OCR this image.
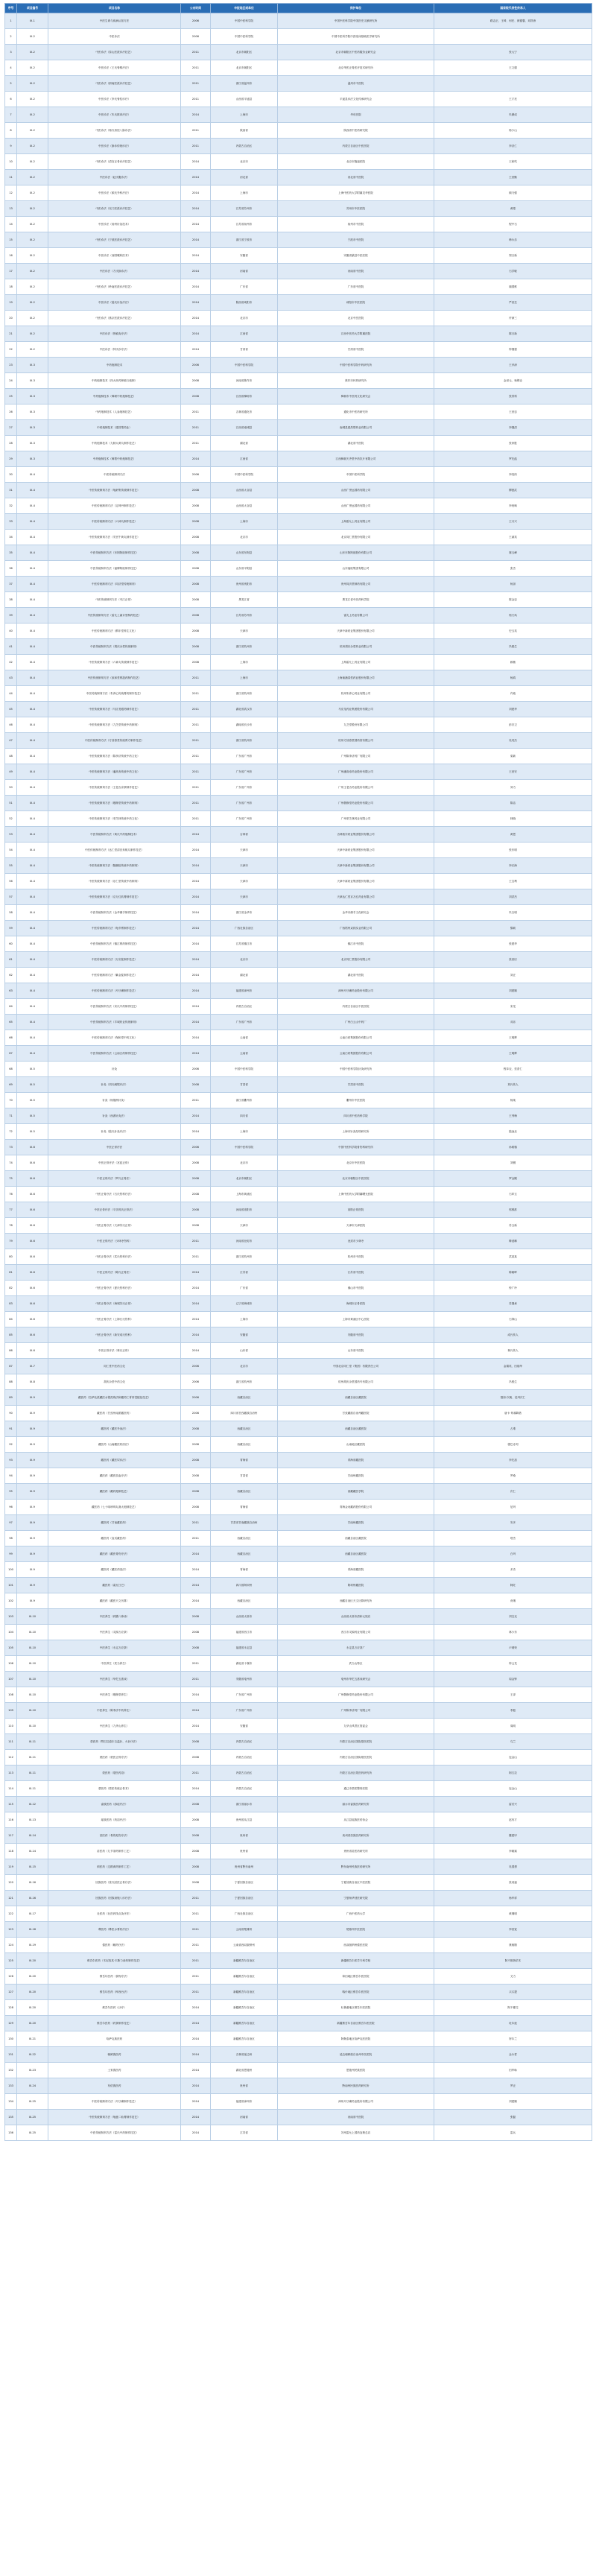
序号	项目编号	项目名称	公布时间	申报地区或单位	保护单位	国家级代表性传承人
1	Ⅸ-1	中医生命与疾病认知方法	2006	中国中医科学院	中国中医科学院中国医史文献研究所	路志正、王琦、何任、颜德馨、邓铁涛
2	Ⅸ-2	中医诊法	2006	中国中医科学院	中国中医科学院中医临床基础医学研究所	
3	Ⅸ-2	中医诊法（泰山医派诊疗技艺）	2011	北京市朝阳区	北京市朝阳区中医药服务业研究会	张大宁
4	Ⅸ-2	中医诊法（王氏脊椎疗法）	2011	北京市朝阳区	北京华医正骨医疗技术研究所	王文德
5	Ⅸ-2	中医诊法（浙南医派诊疗技艺）	2011	浙江省温州市	温州市中医院	
6	Ⅸ-2	中医诊法（李氏脊柱诊疗）	2011	山西省平遥县	平遥县诊法文化传承研究会	王才亮
7	Ⅸ-2	中医诊法（朱氏推拿疗法）	2014	上海市	华东医院	朱鼎成
8	Ⅸ-2	中医诊法（杨氏奇经八脉诊法）	2011	陕西省	陕西省中医药研究院	杨少山
9	Ⅸ-2	中医诊法（脉诊传统诊法）	2011	内蒙古自治区	内蒙古自治区中医医院	李济仁
10	Ⅸ-2	中医诊法（清宫正骨诊疗技艺）	2014	北京市	北京市隆福医院	王和鸣
11	Ⅸ-2	中医诊法（赵氏腹诊法）	2014	河北省	河北省中医院	王世勤
12	Ⅸ-2	中医诊法（顾氏外科疗法）	2014	上海市	上海中医药大学附属龙华医院	顾乃强
13	Ⅸ-2	中医诊法（吴门医派诊疗技艺）	2014	江苏省苏州市	苏州市中医医院	黄煌
14	Ⅸ-2	中医诊法（扬州针灸技术）	2014	江苏省扬州市	扬州市中医院	程中石
15	Ⅸ-2	中医诊法（宁波医派诊疗技艺）	2014	浙江省宁波市	宁波市中医院	韩永乐
16	Ⅸ-2	中医诊法（西园喉科医术）	2014	安徽省	安徽省歙县中医医院	郑日新
17	Ⅸ-2	中医诊法（方氏脉诊法）	2014	河南省	河南省中医院	石学敏
18	Ⅸ-2	中医诊法（岭南医派诊疗技艺）	2014	广东省	广东省中医院	禤国维
19	Ⅸ-2	中医诊法（陆氏针灸疗法）	2014	陕西省咸阳市	咸阳市中医医院	严世芸
20	Ⅸ-2	中医诊法（燕京医派诊疗技艺）	2014	北京市	北京中医医院	许润三
21	Ⅸ-2	中医诊法（热敏灸疗法）	2014	江西省	江西中医药大学附属医院	陈日新
22	Ⅸ-2	中医诊法（钟氏诊疗法）	2014	甘肃省	甘肃省中医院	钟继强
23	Ⅸ-3	中药炮制技术	2006	中国中医科学院	中国中医科学院中药研究所	王孝涛
24	Ⅸ-3	中药炮制技术（四大怀药种植与炮制）	2008	河南省焦作市	焦作市怀药研究所	金世元、杨锡仓
25	Ⅸ-3	中药炮制技术（樟树中药炮制技艺）	2008	江西省樟树市	樟树市中医药文化研究会	张效科
26	Ⅸ-3	中药炮制技术（人参炮制技艺）	2011	吉林省通化市	通化市中医药研究所	王世忠
27	Ⅸ-3	中药炮制技术（建昌帮药业）	2011	江西省南城县	南城县建昌帮药业有限公司	李继清
28	Ⅸ-3	中药炮制技术（九制大黄丸制作技艺）	2011	湖北省	湖北省中医院	张家胜
29	Ⅸ-3	中药炮制技术（樟帮中药炮制技艺）	2014	江西省	江西樟树天齐堂中药饮片有限公司	罗先彪
30	Ⅸ-4	中医传统制剂方法	2006	中国中医科学院	中国中医科学院	李经纬
31	Ⅸ-4	中医传统制剂方法（龟龄集传统制作技艺）	2008	山西省太谷县	山西广誉远国药有限公司	柳惠武
32	Ⅸ-4	中医传统制剂方法（定坤丹制作技艺）	2008	山西省太谷县	山西广誉远国药有限公司	李贵枫
33	Ⅸ-4	中医传统制剂方法（六神丸制作技艺）	2008	上海市	上海雷允上药业有限公司	王月兴
34	Ⅸ-4	中医传统制剂方法（安宫牛黄丸制作技艺）	2008	北京市	北京同仁堂股份有限公司	王淑英
35	Ⅸ-4	中医传统制剂方法（东阿阿胶制作技艺）	2008	山东省东阿县	山东东阿阿胶股份有限公司	秦玉峰
36	Ⅸ-4	中医传统制剂方法（福牌阿胶制作技艺）	2008	山东省平阴县	山东福胶集团有限公司	张杰
37	Ⅸ-4	中医传统制剂方法（同济堂传统制剂）	2008	贵州省贵阳市	贵州同济堂制药有限公司	杨剑
38	Ⅸ-4	中医传统制剂方法（夹江正骨）	2008	黑龙江省	黑龙江省中医药科学院	陈金忠
39	Ⅸ-4	中医传统制剂方法（雷允上诵芬堂制药技艺）	2008	江苏省苏州市	雷允上药业有限公司	郭天凤
40	Ⅸ-4	中医传统制剂方法（鹤年堂养生文化）	2008	天津市	天津中新药业集团股份有限公司	史玉英
41	Ⅸ-4	中医传统制剂方法（胡庆余堂传统制剂）	2008	浙江省杭州市	杭州胡庆余堂药业有限公司	冯根生
42	Ⅸ-4	中医传统制剂方法（六神丸传统制作技艺）	2008	上海市	上海雷允上药业有限公司	顾敏
43	Ⅸ-4	中医传统制剂方法（致和堂膏滋药制作技艺）	2011	上海市	上海童涵春堂药业股份有限公司	杨鸿
44	Ⅸ-4	中医传统制剂方法（朱养心传统膏药制作技艺）	2011	浙江省杭州市	杭州朱养心药业有限公司	许迪
45	Ⅸ-4	中医传统制剂方法（马应龙眼药制作技艺）	2011	湖北省武汉市	马应龙药业集团股份有限公司	刘建华
46	Ⅸ-4	中医传统制剂方法（九芝堂传统中药制剂）	2011	湖南省长沙市	九芝堂股份有限公司	彭宗卫
47	Ⅸ-4	中医传统制剂方法（方回春堂传统膏方制作技艺）	2011	浙江省杭州市	杭州方回春堂国药馆有限公司	吴英杰
48	Ⅸ-4	中医传统制剂方法（陈李济传统中药文化）	2011	广东省广州市	广州陈李济药厂有限公司	梁新
49	Ⅸ-4	中医传统制剂方法（潘高寿传统中药文化）	2011	广东省广州市	广州潘高寿药业股份有限公司	王世安
50	Ⅸ-4	中医传统制剂方法（王老吉凉茶制作技艺）	2011	广东省广州市	广州王老吉药业股份有限公司	刘力
51	Ⅸ-4	中医传统制剂方法（敬修堂传统中药制剂）	2011	广东省广州市	广州敬修堂药业股份有限公司	陈洁
52	Ⅸ-4	中医传统制剂方法（采芝林传统中药文化）	2011	广东省广州市	广州采芝林药业有限公司	林晓
53	Ⅸ-4	中医传统制剂方法（黄氏中药炮制技术）	2014	吉林省	吉林敖东药业集团股份有限公司	黄恩
54	Ⅸ-4	中医传统制剂方法（达仁堂清宫寿桃丸制作技艺）	2014	天津市	天津中新药业集团股份有限公司	张东明
55	Ⅸ-4	中医传统制剂方法（隆顺榕传统中药制剂）	2014	天津市	天津中新药业集团股份有限公司	李长海
56	Ⅸ-4	中医传统制剂方法（乐仁堂传统中药制剂）	2014	天津市	天津中新药业集团股份有限公司	王宝利
57	Ⅸ-4	中医传统制剂方法（京万红软膏制作技艺）	2014	天津市	天津达仁堂京万红药业有限公司	刘洪杰
58	Ⅸ-4	中医传统制剂方法（金华佛手制作技艺）	2014	浙江省金华市	金华市佛手文化研究会	朱吉明
59	Ⅸ-4	中医传统制剂方法（龟苓膏制作技艺）	2014	广西壮族自治区	广西梧州双钱实业有限公司	黎莉
60	Ⅸ-4	中医传统制剂方法（镇江膏药制作技艺）	2014	江苏省镇江市	镇江市中医院	张建华
61	Ⅸ-4	中医传统制剂方法（万应锭制作技艺）	2014	北京市	北京同仁堂股份有限公司	张世臣
62	Ⅸ-4	中医传统制剂方法（紫金锭制作技艺）	2014	湖北省	湖北省中医院	刘正
63	Ⅸ-4	中医传统制剂方法（片仔癀制作技艺）	2014	福建省漳州市	漳州片仔癀药业股份有限公司	刘建顺
64	Ⅸ-4	中医传统制剂方法（宋氏中药制作技艺）	2014	内蒙古自治区	内蒙古自治区中医医院	宋龙
65	Ⅸ-4	中医传统制剂方法（羊城药业传统制剂）	2014	广东省广州市	广州白云山中药厂	邓乐
66	Ⅸ-4	中医传统制剂方法（保和堂中药文化）	2014	云南省	云南白药集团股份有限公司	王明辉
67	Ⅸ-4	中医传统制剂方法（云南白药制作技艺）	2014	云南省	云南白药集团股份有限公司	王明辉
68	Ⅸ-5	针灸	2006	中国中医科学院	中国中医科学院针灸研究所	程莘农、贺普仁
69	Ⅸ-5	针灸（刘氏刺熨疗法）	2008	甘肃省	甘肃省中医院	刘氏传人
70	Ⅸ-5	针灸（杨继洲针灸）	2011	浙江省衢州市	衢州市中医医院	杨纯
71	Ⅸ-5	针灸（西游针灸法）	2014	四川省	四川省中医药科学院	王秀梅
72	Ⅸ-5	针灸（陆氏针灸疗法）	2014	上海市	上海市针灸经络研究所	陆焱垚
73	Ⅸ-6	中医正骨疗法	2006	中国中医科学院	中国中医科学院骨伤科研究所	孙树椿
74	Ⅸ-6	中医正骨疗法（宫廷正骨）	2008	北京市	北京市中医医院	刘钢
75	Ⅸ-6	中医正骨疗法（罗氏正骨法）	2008	北京市朝阳区	北京市朝阳区中医医院	罗金殿
76	Ⅸ-6	中医正骨疗法（石氏伤科疗法）	2008	上海市黄浦区	上海中医药大学附属曙光医院	石印玉
77	Ⅸ-6	中医正骨疗法（平乐郭氏正骨法）	2008	河南省洛阳市	洛阳正骨医院	郭维淮
78	Ⅸ-6	中医正骨疗法（天津苏氏正骨）	2008	天津市	天津市天津医院	苏玉新
79	Ⅸ-6	中医正骨疗法（少林寺伤科）	2011	河南省登封市	登封市少林寺	释延琳
80	Ⅸ-6	中医正骨疗法（武氏伤科疗法）	2011	浙江省杭州市	杭州市中医院	武某某
81	Ⅸ-6	中医正骨疗法（陈氏正骨法）	2014	江苏省	江苏省中医院	陈朝晖
82	Ⅸ-6	中医正骨疗法（夏氏伤科疗法）	2014	广东省	佛山市中医院	钟广玲
83	Ⅸ-6	中医正骨疗法（海城苏氏正骨）	2014	辽宁省海城市	海城市正骨医院	苏继承
84	Ⅸ-6	中医正骨疗法（上海石氏伤科）	2014	上海市	上海市黄浦区中心医院	石仰山
85	Ⅸ-6	中医正骨疗法（新安成氏伤科）	2014	安徽省	安徽省中医院	成氏传人
86	Ⅸ-6	中医正骨疗法（林氏正骨）	2014	山东省	山东省中医院	林氏传人
87	Ⅸ-7	同仁堂中医药文化	2006	北京市	中国北京同仁堂（集团）有限责任公司	金霭英、田瑞华
88	Ⅸ-8	胡庆余堂中药文化	2006	浙江省杭州市	杭州胡庆余堂国药号有限公司	冯根生
89	Ⅸ-9	藏医药（拉萨北派藏医水银洗炼法和藏药仁青常觉配伍技艺）	2006	西藏自治区	西藏自治区藏医院	措如·次朗、尼玛次仁
90	Ⅸ-9	藏医药（甘孜州南派藏医药）	2006	四川省甘孜藏族自治州	甘孜藏族自治州藏医院	唐卡·昂翁降措
91	Ⅸ-9	藏医药（藏医外治法）	2008	西藏自治区	西藏自治区藏医院	占堆
92	Ⅸ-9	藏医药（山南藏医药浴法）	2008	西藏自治区	山南地区藏医院	强巴赤列
93	Ⅸ-9	藏医药（藏医尿诊法）	2008	青海省	青海省藏医院	李先加
94	Ⅸ-9	藏医药（藏医放血疗法）	2008	甘肃省	甘南州藏医院	罗桑
95	Ⅸ-9	藏医药（藏药炮制技艺）	2008	西藏自治区	西藏藏医学院	次仁
96	Ⅸ-9	藏医药（七十味珍珠丸赛太炮制技艺）	2008	青海省	青海金诃藏药股份有限公司	尼玛
97	Ⅸ-9	藏医药（甘南藏医药）	2011	甘肃省甘南藏族自治州	甘南州藏医院	安多
98	Ⅸ-9	藏医药（直贡藏医药）	2011	西藏自治区	西藏自治区藏医院	塔杰
99	Ⅸ-9	藏医药（藏医骨伤疗法）	2014	西藏自治区	西藏自治区藏医院	白玛
100	Ⅸ-9	藏医药（藏医药浴法）	2014	青海省	青海省藏医院	多杰
101	Ⅸ-9	藏医药（索瓦日巴）	2014	四川省阿坝州	阿坝州藏医院	阿旺
102	Ⅸ-9	藏医药（藏医天文历算）	2014	西藏自治区	西藏自治区天文历算研究所	贡嘎
103	Ⅸ-10	中医养生（药膳八珍汤）	2008	山西省太原市	山西省太原市清和元饭店	刘宝光
104	Ⅸ-10	中医养生（灵源万应茶）	2008	福建省晋江市	晋江市灵源药业有限公司	林少东
105	Ⅸ-10	中医养生（永定万应茶）	2008	福建省永定县	永定县万应茶厂	卢炳荣
106	Ⅸ-10	中医养生（武当养生）	2011	湖北省十堰市	武当山特区	钟云龙
107	Ⅸ-10	中医养生（华佗五禽戏）	2011	安徽省亳州市	亳州市华佗五禽戏研究会	周金钟
108	Ⅸ-10	中医养生（敬修堂养生）	2014	广东省广州市	广州敬修堂药业股份有限公司	王泽
109	Ⅸ-10	中医养生（陈李济中药养生）	2014	广东省广州市	广州陈李济药厂有限公司	李振
110	Ⅸ-10	中医养生（九华山养生）	2014	安徽省	九华山风景区管委会	周明
111	Ⅸ-11	蒙医药（赞巴拉道尔吉温针、火针疗法）	2008	内蒙古自治区	内蒙古自治区国际蒙医医院	乌兰
112	Ⅸ-11	蒙医药（蒙医正骨疗法）	2008	内蒙古自治区	内蒙古自治区国际蒙医医院	包金山
113	Ⅸ-11	蒙医药（蒙医药浴）	2011	内蒙古自治区	内蒙古自治区蒙医药研究所	阿古拉
114	Ⅸ-11	蒙医药（蒙医传统正骨术）	2014	内蒙古自治区	通辽市蒙医整骨医院	包金山
115	Ⅸ-12	畲族医药（痧症疗法）	2008	浙江省丽水市	丽水市畲族医药研究所	雷后兴
116	Ⅸ-13	瑶族医药（药浴疗法）	2008	贵州省从江县	从江县瑶族医药协会	赵有才
117	Ⅸ-14	苗医药（骨伤蛇伤疗法）	2008	贵州省	贵州省苗族医药研究所	滕建甲
118	Ⅸ-14	苗医药（九节茶药制作工艺）	2008	贵州省	贵州省苗医药研究所	李朝斌
119	Ⅸ-15	侗医药（过路黄药制作工艺）	2008	贵州省黔东南州	黔东南州民族医药研究所	吴国勇
120	Ⅸ-16	回族医药（张氏回医正骨疗法）	2008	宁夏回族自治区	宁夏回族自治区中医医院	张成福
121	Ⅸ-16	回族医药（回族汤瓶八诊疗法）	2011	宁夏回族自治区	宁夏杨华回医研究院	杨华祥
122	Ⅸ-17	壮医药（壮医药线点灸疗法）	2011	广西壮族自治区	广西中医药大学	黄瑾明
123	Ⅸ-18	彝医药（彝医水膏药疗法）	2011	云南省楚雄州	楚雄州中医医院	李世宽
124	Ⅸ-19	傣医药（睡药疗法）	2011	云南省西双版纳州	西双版纳州傣医医院	康朗腊
125	Ⅸ-20	维吾尔医药（木尼孜其·木斯力汤药制作技艺）	2011	新疆维吾尔自治区	新疆维吾尔医学专科学校	阿不都热依木
126	Ⅸ-20	维吾尔医药（食物疗法）	2011	新疆维吾尔自治区	和田地区维吾尔医医院	艾力
127	Ⅸ-20	维吾尔医药（库西台法）	2011	新疆维吾尔自治区	喀什地区维吾尔医医院	买买提
128	Ⅸ-20	维吾尔医药（沙疗）	2014	新疆维吾尔自治区	吐鲁番地区维吾尔医医院	阿不都拉
129	Ⅸ-20	维吾尔医药（药茶制作技艺）	2014	新疆维吾尔自治区	新疆维吾尔自治区维吾尔医医院	吐尔逊
130	Ⅸ-21	哈萨克族医药	2014	新疆维吾尔自治区	阿勒泰地区哈萨克医医院	努尔兰
131	Ⅸ-22	朝鲜族医药	2014	吉林省延边州	延边朝鲜族自治州中医医院	金永哲
132	Ⅸ-23	土家族医药	2014	湖北省恩施州	恩施州民族医院	田华咏
133	Ⅸ-24	布依族医药	2014	贵州省	黔南州民族医药研究所	罗正
134	Ⅸ-25	中医传统制剂方法（片仔癀制作技艺）	2014	福建省漳州市	漳州片仔癀药业股份有限公司	刘建顺
135	Ⅸ-25	中医传统制剂方法（龟鹿二仙膏制作技艺）	2014	河南省	河南省中医院	张磊
136	Ⅸ-25	中医传统制剂方法（雷氏中药制作技艺）	2014	江苏省	苏州雷允上国药连锁总店	雷兵
